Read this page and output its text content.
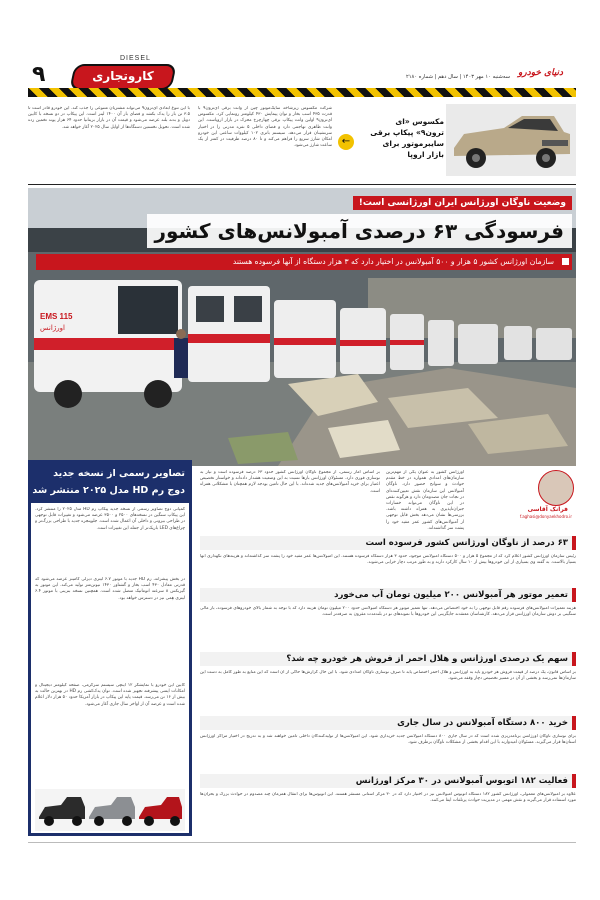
DIESEL
کاروتجاری
۹	سه‌شنبه ۱۰ مهر ۱۴۰۳ | سال دهم | شماره ۲۱۸۰ دنیای خودرو
مکسوس «ای ترون۹» پیکاپ برقی سایبرموتور برای بازار اروپا
←
شرکت مکسوس زیرشاخه سایک‌موتور چین از وانت برقی ای‌ترون۹ با قدرت ۴۳۵ اسب بخار و توان پیمایش ۴۳۰ کیلومتر رونمایی کرد. مکسوس ای‌ترون۹ اولین وانت پیکاپ برقی چهارچرخ محرک در بازار اروپاست. این وانت ظاهری تهاجمی دارد و فضای داخلی ۵ نفره مدرنی را در اختیار سرنشینان قرار می‌دهد. سیستم باتری ۱۰۲ کیلووات ساعتی این خودرو امکان شارژ سریع را فراهم می‌کند و تا ۸۰ درصد ظرفیت در کمتر از یک ساعت شارژ می‌شود.
با این تنوع ابعادی ای‌ترون۹ می‌تواند مشتریان متنوعی را جذب کند. این خودرو قادر است تا ۳.۵ تن بار را یدک بکشد و فضای بار آن ۱۴۰۰ لیتر است. این پیکاپ در دو نسخه با کابین دوبل و بدنه بلند عرضه می‌شود و قیمت آن در بازار بریتانیا حدود ۶۴ هزار پوند تخمین زده شده است. تحویل نخستین دستگاه‌ها از اوایل سال ۲۰۲۵ آغاز خواهد شد.
EMS 115
اورژانس
وضعیت ناوگان اورژانس ایران اورژانسی است!
فرسودگی ۶۳ درصدی آمبولانس‌های کشور
سازمان اورژانس کشور ۵ هزار و ۵۰۰ آمبولانس در اختیار دارد که ۳ هزار دستگاه از آنها فرسوده هستند
تصاویر رسمی از نسخه جدید
دوج رم HD مدل ۲۰۲۵ منتشر شد
کمپانی دوج تصاویر رسمی از نسخه جدید پیکاپ رم HD مدل ۲۰۲۵ را منتشر کرد. این پیکاپ سنگین در نسخه‌های ۲۵۰۰ و ۳۵۰۰ عرضه می‌شود و تغییرات قابل توجهی در طراحی بیرونی و داخلی آن اعمال شده است. جلوپنجره جدید با طراحی بزرگ‌تر و چراغ‌های LED باریک‌تر از جمله این تغییرات است.
در بخش پیشرانه، رم HD جدید با موتور ۶.۷ لیتری دیزلی کامینز عرضه می‌شود که قدرتی معادل ۴۳۰ اسب بخار و گشتاور ۱۴۳۰ نیوتن‌متر تولید می‌کند. این موتور به گیربکس ۸ سرعته اتوماتیک متصل شده است. همچنین نسخه بنزینی با موتور ۶.۴ لیتری هِمی نیز در دسترس خواهد بود.
کابین این خودرو با نمایشگر ۱۲ اینچی سیستم سرگرمی، صفحه کیلومتر دیجیتال و امکانات ایمنی پیشرفته تجهیز شده است. توان یدک‌کشی رم HD در بهترین حالت به بیش از ۱۶ تن می‌رسد. قیمت پایه این پیکاپ در بازار آمریکا حدود ۵۰ هزار دلار اعلام شده است و عرضه آن از اواخر سال جاری آغاز می‌شود.
فرانک آقاسی
f.aghasi@donyaekhodro.ir
اورژانس کشور به عنوان یکی از مهم‌ترین سازمان‌های امدادی همواره در خط مقدم حوادث و سوانح حضور دارد. ناوگان آمبولانس این سازمان نقش تعیین‌کننده‌ای در نجات جان مصدومان دارد و هرگونه نقص در این ناوگان می‌تواند خسارات جبران‌ناپذیری به همراه داشته باشد. بررسی‌ها نشان می‌دهد بخش قابل توجهی از آمبولانس‌های کشور عمر مفید خود را پشت سر گذاشته‌اند.
بر اساس آمار رسمی، از مجموع ناوگان اورژانس کشور حدود ۶۳ درصد فرسوده است و نیاز به نوسازی فوری دارد. مسئولان اورژانس بارها نسبت به این وضعیت هشدار داده‌اند و خواستار تخصیص اعتبار برای خرید آمبولانس‌های جدید شده‌اند. با این حال تامین بودجه لازم همچنان با مشکلاتی همراه است.
۶۳ درصد از ناوگان اورژانس کشور فرسوده است
رئیس سازمان اورژانس کشور اعلام کرد که از مجموع ۵ هزار و ۵۰۰ دستگاه آمبولانس موجود، حدود ۳ هزار دستگاه فرسوده هستند. این آمبولانس‌ها عمر مفید خود را پشت سر گذاشته‌اند و هزینه‌های نگهداری آنها بسیار بالاست. به گفته وی بسیاری از این خودروها بیش از ۱۰ سال کارکرد دارند و به طور مرتب دچار خرابی می‌شوند.
تعمیر موتور هر آمبولانس ۲۰۰ میلیون تومان آب می‌خورد
هزینه تعمیرات آمبولانس‌های فرسوده رقم قابل توجهی را به خود اختصاص می‌دهد. تنها تعمیر موتور هر دستگاه آمبولانس حدود ۲۰۰ میلیون تومان هزینه دارد که با توجه به شمار بالای خودروهای فرسوده، بار مالی سنگینی بر دوش سازمان اورژانس قرار می‌دهد. کارشناسان معتقدند جایگزینی این خودروها با نمونه‌های نو در بلندمدت مقرون به صرفه‌تر است.
سهم یک درصدی اورژانس و هلال احمر از فروش هر خودرو چه شد؟
بر اساس قانون، یک درصد از قیمت فروش هر خودرو باید به اورژانس و هلال احمر اختصاص یابد تا صرف نوسازی ناوگان امدادی شود. با این حال گزارش‌ها حاکی از آن است که این منابع به طور کامل به دست این سازمان‌ها نمی‌رسد و بخشی از آن در مسیر تخصیص دچار وقفه می‌شود.
خرید ۸۰۰ دستگاه آمبولانس در سال جاری
برای نوسازی ناوگان اورژانس برنامه‌ریزی شده است که در سال جاری ۸۰۰ دستگاه آمبولانس جدید خریداری شود. این آمبولانس‌ها از تولیدکنندگان داخلی تامین خواهند شد و به تدریج در اختیار مراکز اورژانس استان‌ها قرار می‌گیرند. مسئولان امیدوارند با این اقدام بخشی از مشکلات ناوگان برطرف شود.
فعالیت ۱۸۲ اتوبوس آمبولانس در ۳۰ مرکز اورژانس
علاوه بر آمبولانس‌های معمولی، اورژانس کشور ۱۸۲ دستگاه اتوبوس آمبولانس نیز در اختیار دارد که در ۳۰ مرکز استانی مستقر هستند. این اتوبوس‌ها برای انتقال همزمان چند مصدوم در حوادث بزرگ و بحران‌ها مورد استفاده قرار می‌گیرند و نقش مهمی در مدیریت حوادث پرتلفات ایفا می‌کنند.
